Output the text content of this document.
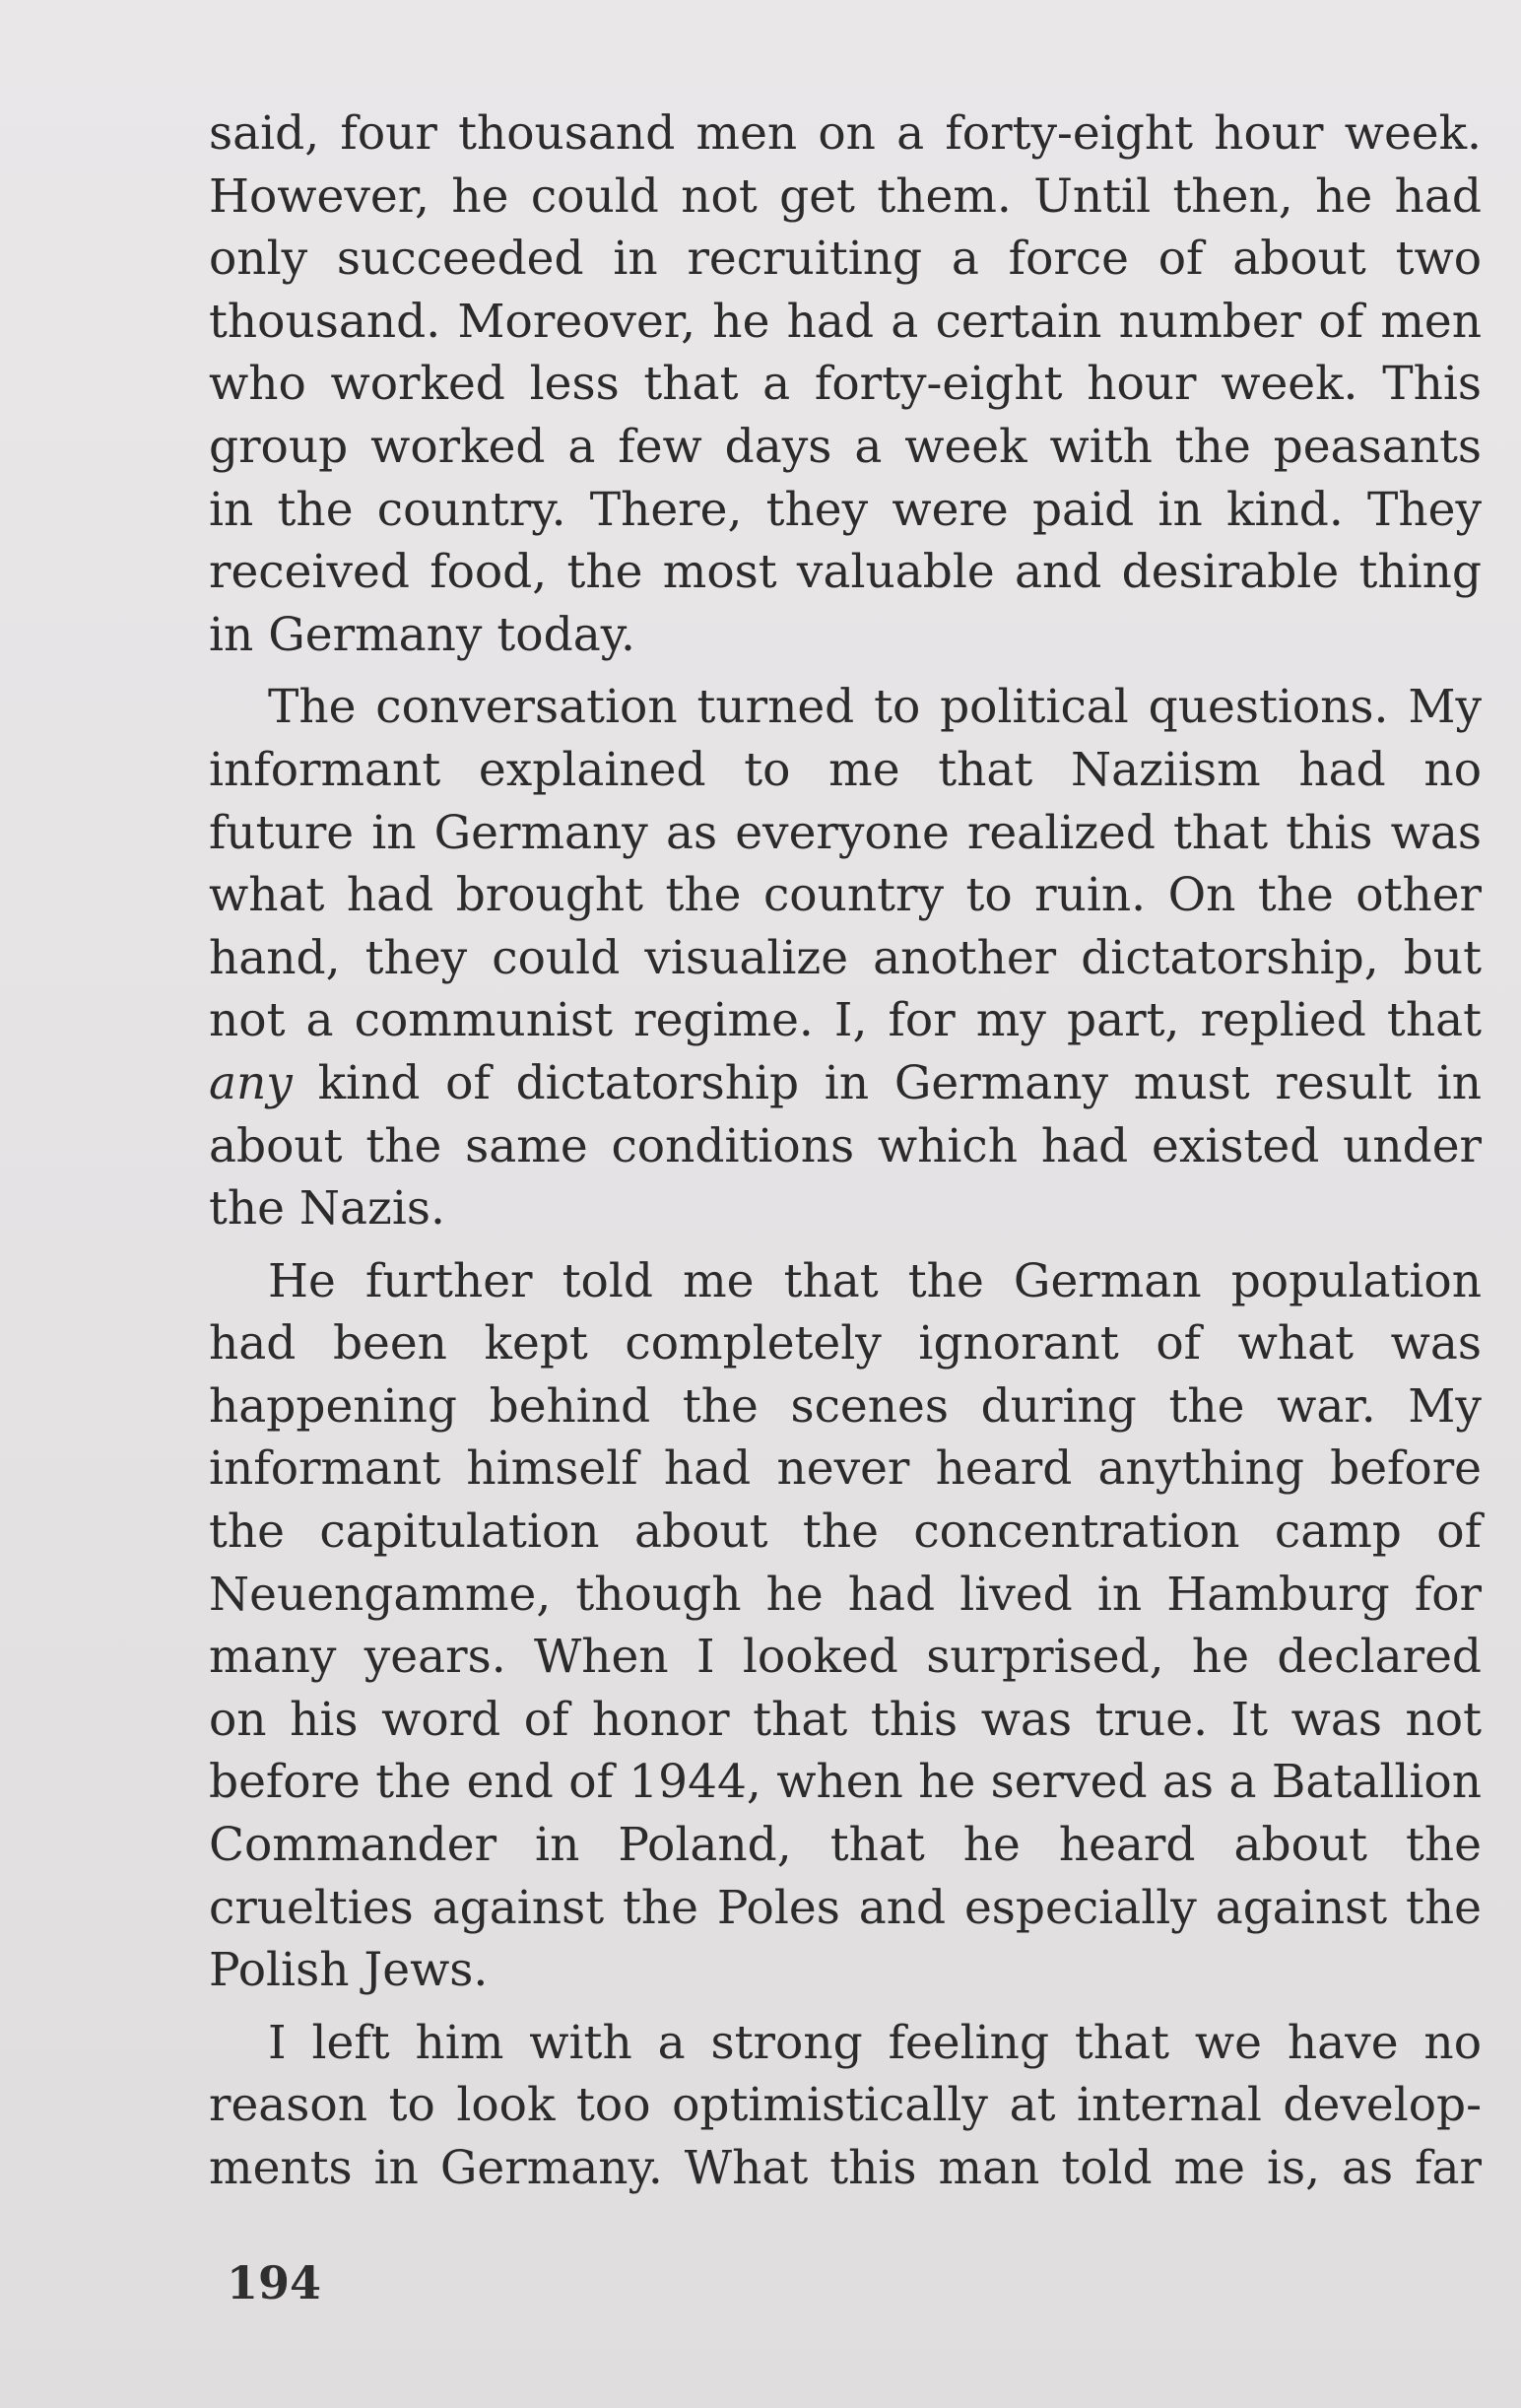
said, four thousand men on a forty-eight hour week.
However, he could not get them. Until then, he had
only succeeded in recruiting a force of about two
thousand. Moreover, he had a certain number of men
who worked less that a forty-eight hour week. This
group worked a few days a week with the peasants
in the country. There, they were paid in kind. They
received food, the most valuable and desirable thing
in Germany today.

The conversation turned to political questions. My
informant explained to me that Naziism had no
future in Germany as everyone realized that this was
what had brought the country to ruin. On the other
hand, they could visualize another dictatorship, but
not a communist regime. I, for my part, replied that
any kind of dictatorship in Germany must result in
about the same conditions which had existed under
the Nazis.

He further told me that the German population
had been kept completely ignorant of what was
happening behind the scenes during the war. My
informant himself had never heard anything before
the capitulation about the concentration camp of
Neuengamme, though he had lived in Hamburg for
many years. When I looked surprised, he declared
on his word of honor that this was true. It was not
before the end of 1944, when he served as a Batallion
Commander in Poland, that he heard about the
cruelties against the Poles and especially against the
Polish Jews.

I left him with a strong feeling that we have no
reason to look too optimistically at internal develop-
ments in Germany. What this man told me is, as far

194
